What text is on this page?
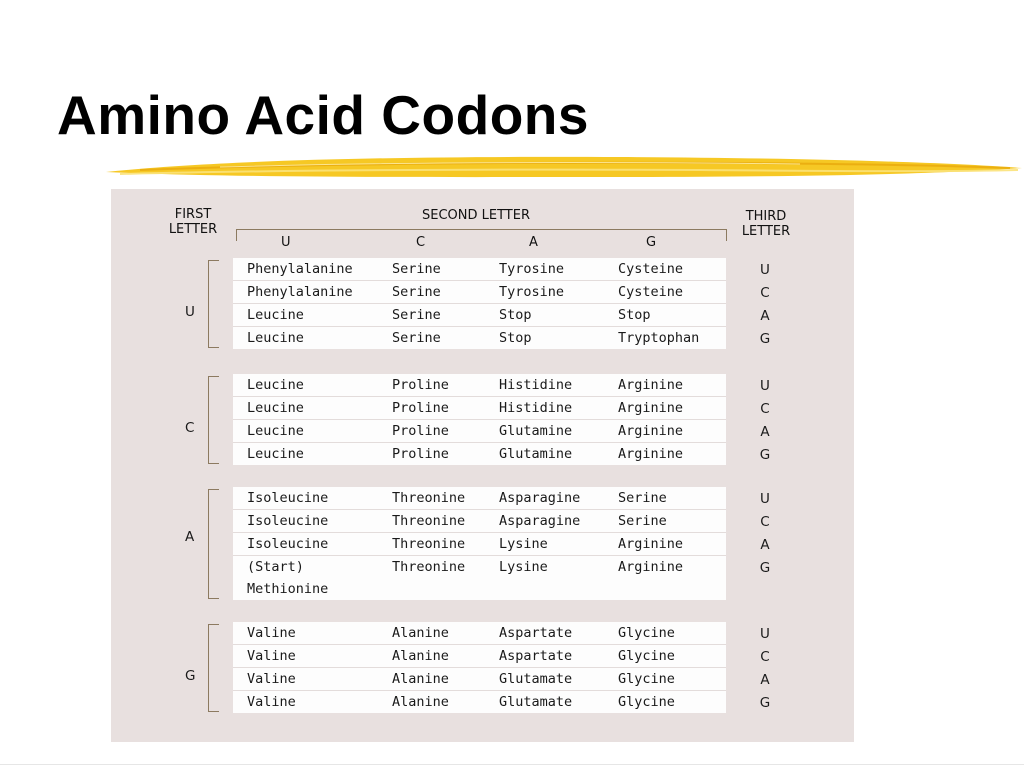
Amino Acid Codons
FIRST
LETTER
SECOND LETTER
U	C	A	G
THIRD
LETTER
Phenylalanine	Serine	Tyrosine	Cysteine
Phenylalanine	Serine	Tyrosine	Cysteine
Leucine	Serine	Stop	Stop
Leucine	Serine	Stop	Tryptophan
U
U
C
A
G
Leucine	Proline	Histidine	Arginine
Leucine	Proline	Histidine	Arginine
Leucine	Proline	Glutamine	Arginine
Leucine	Proline	Glutamine	Arginine
C
U
C
A
G
Isoleucine	Threonine	Asparagine	Serine
Isoleucine	Threonine	Asparagine	Serine
Isoleucine	Threonine	Lysine	Arginine
(Start)	Threonine	Lysine	Arginine
Methionine
A
U
C
A
G
Valine	Alanine	Aspartate	Glycine
Valine	Alanine	Aspartate	Glycine
Valine	Alanine	Glutamate	Glycine
Valine	Alanine	Glutamate	Glycine
G
U
C
A
G
